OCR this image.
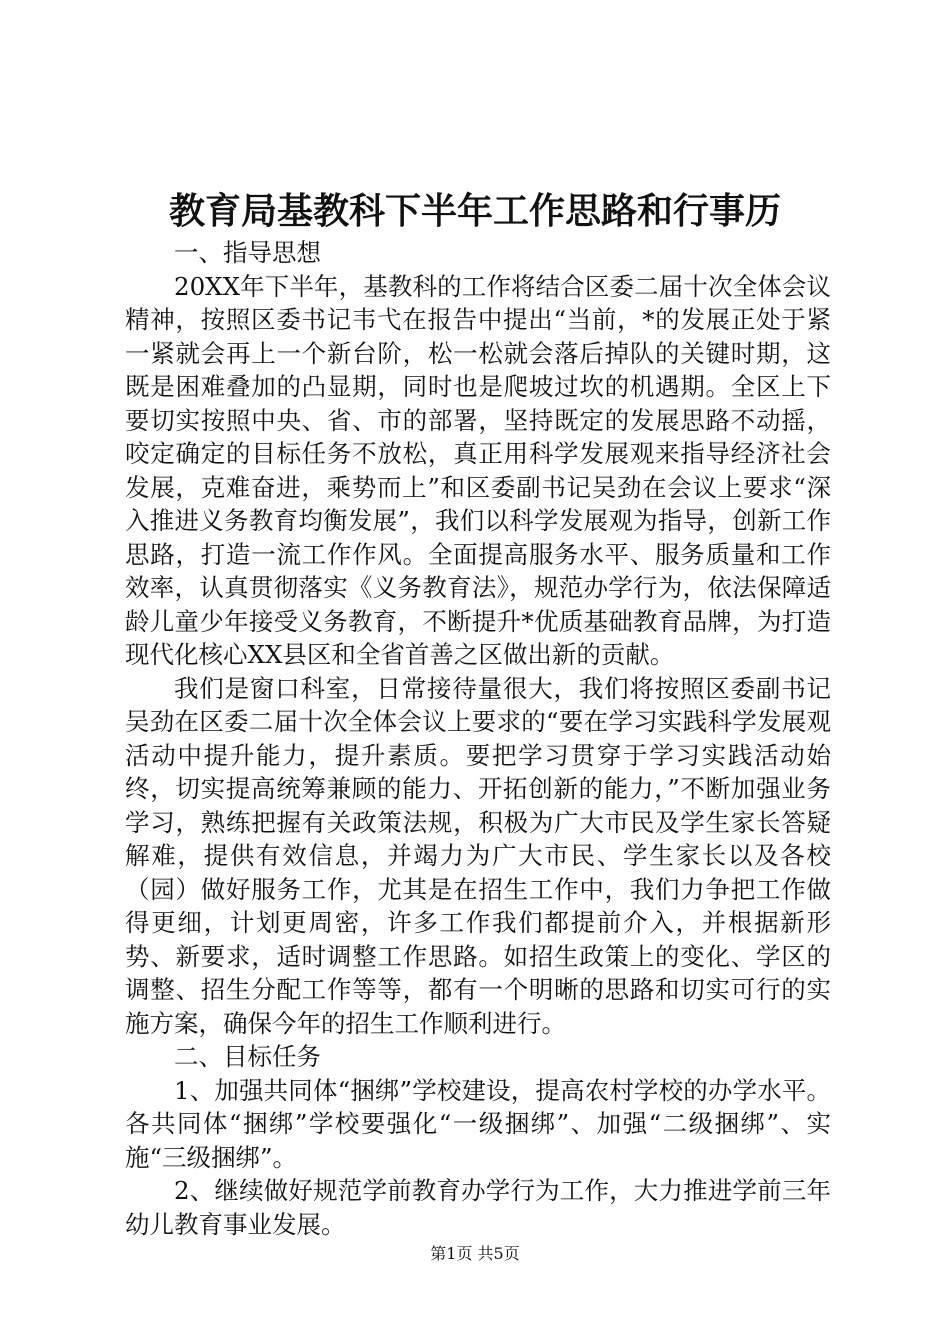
教育局基教科下半年工作思路和行事历

一、指导思想

20XX年下半年，基教科的工作将结合区委二届十次全体会议精神，按照区委书记韦弋在报告中提出“当前，*的发展正处于紧一紧就会再上一个新台阶，松一松就会落后掉队的关键时期，这既是困难叠加的凸显期，同时也是爬坡过坎的机遇期。全区上下要切实按照中央、省、市的部署，坚持既定的发展思路不动摇，咬定确定的目标任务不放松，真正用科学发展观来指导经济社会发展，克难奋进，乘势而上”和区委副书记吴劲在会议上要求“深入推进义务教育均衡发展”，我们以科学发展观为指导，创新工作思路，打造一流工作作风。全面提高服务水平、服务质量和工作效率，认真贯彻落实《义务教育法》，规范办学行为，依法保障适龄儿童少年接受义务教育，不断提升*优质基础教育品牌，为打造现代化核心XX县区和全省首善之区做出新的贡献。

我们是窗口科室，日常接待量很大，我们将按照区委副书记吴劲在区委二届十次全体会议上要求的“要在学习实践科学发展观活动中提升能力，提升素质。要把学习贯穿于学习实践活动始终，切实提高统筹兼顾的能力、开拓创新的能力，”不断加强业务学习，熟练把握有关政策法规，积极为广大市民及学生家长答疑解难，提供有效信息，并竭力为广大市民、学生家长以及各校（园）做好服务工作，尤其是在招生工作中，我们力争把工作做得更细，计划更周密，许多工作我们都提前介入，并根据新形势、新要求，适时调整工作思路。如招生政策上的变化、学区的调整、招生分配工作等等，都有一个明晰的思路和切实可行的实施方案，确保今年的招生工作顺利进行。

二、目标任务

1、加强共同体“捆绑”学校建设，提高农村学校的办学水平。各共同体“捆绑”学校要强化“一级捆绑”、加强“二级捆绑”、实施“三级捆绑”。

2、继续做好规范学前教育办学行为工作，大力推进学前三年幼儿教育事业发展。

第1页 共5页
